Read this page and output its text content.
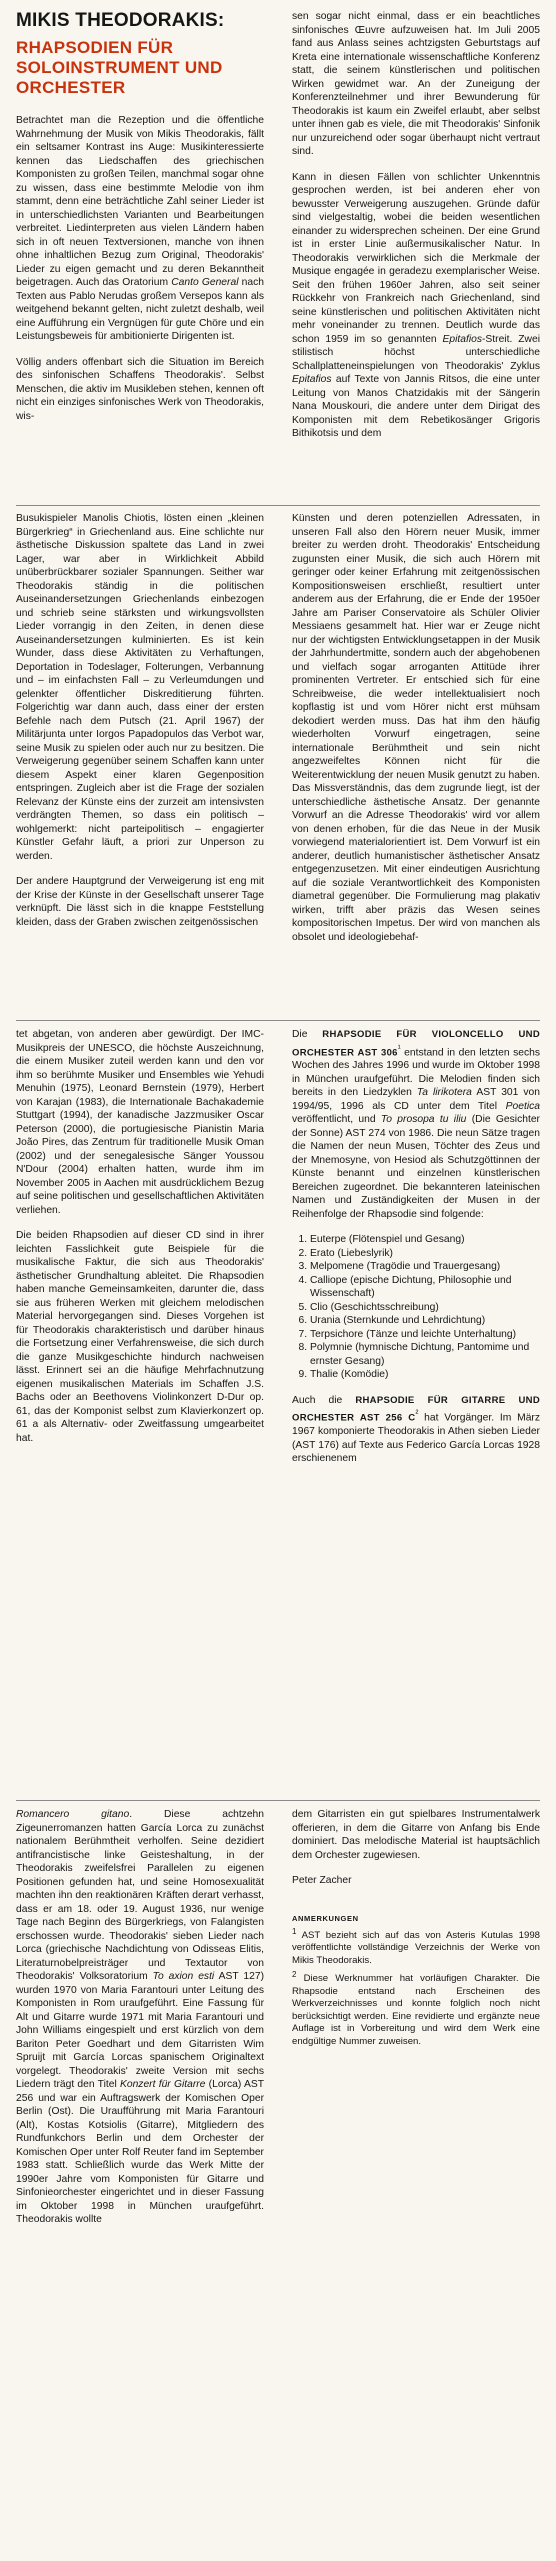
MIKIS THEODORAKIS:
RHAPSODIEN FÜR SOLOINSTRUMENT UND ORCHESTER

Betrachtet man die Rezeption und die öffentliche Wahrnehmung der Musik von Mikis Theodorakis, fällt ein seltsamer Kontrast ins Auge: Musikinteressierte kennen das Liedschaffen des griechischen Komponisten zu großen Teilen, manchmal sogar ohne zu wissen, dass eine bestimmte Melodie von ihm stammt, denn eine beträchtliche Zahl seiner Lieder ist in unterschiedlichsten Varianten und Bearbeitungen verbreitet. Liedinterpreten aus vielen Ländern haben sich in oft neuen Textversionen, manche von ihnen ohne inhaltlichen Bezug zum Original, Theodorakis' Lieder zu eigen gemacht und zu deren Bekanntheit beigetragen. Auch das Oratorium Canto General nach Texten aus Pablo Nerudas großem Versepos kann als weitgehend bekannt gelten, nicht zuletzt deshalb, weil eine Aufführung ein Vergnügen für gute Chöre und ein Leistungsbeweis für ambitionierte Dirigenten ist.

Völlig anders offenbart sich die Situation im Bereich des sinfonischen Schaffens Theodorakis'. Selbst Menschen, die aktiv im Musikleben stehen, kennen oft nicht ein einziges sinfonisches Werk von Theodorakis, wis-

sen sogar nicht einmal, dass er ein beachtliches sinfonisches Œuvre aufzuweisen hat. Im Juli 2005 fand aus Anlass seines achtzigsten Geburtstags auf Kreta eine internationale wissenschaftliche Konferenz statt, die seinem künstlerischen und politischen Wirken gewidmet war. An der Zuneigung der Konferenzteilnehmer und ihrer Bewunderung für Theodorakis ist kaum ein Zweifel erlaubt, aber selbst unter ihnen gab es viele, die mit Theodorakis' Sinfonik nur unzureichend oder sogar überhaupt nicht vertraut sind.

Kann in diesen Fällen von schlichter Unkenntnis gesprochen werden, ist bei anderen eher von bewusster Verweigerung auszugehen. Gründe dafür sind vielgestaltig, wobei die beiden wesentlichen einander zu widersprechen scheinen. Der eine Grund ist in erster Linie außermusikalischer Natur. In Theodorakis verwirklichen sich die Merkmale der Musique engagée in geradezu exemplarischer Weise. Seit den frühen 1960er Jahren, also seit seiner Rückkehr von Frankreich nach Griechenland, sind seine künstlerischen und politischen Aktivitäten nicht mehr voneinander zu trennen. Deutlich wurde das schon 1959 im so genannten Epitafios-Streit. Zwei stilistisch höchst unterschiedliche Schallplatteneinspielungen von Theodorakis' Zyklus Epitafios auf Texte von Jannis Ritsos, die eine unter Leitung von Manos Chatzidakis mit der Sängerin Nana Mouskouri, die andere unter dem Dirigat des Komponisten mit dem Rebetikosänger Grigoris Bithikotsis und dem

Busukispieler Manolis Chiotis, lösten einen „kleinen Bürgerkrieg“ in Griechenland aus. Eine schlichte nur ästhetische Diskussion spaltete das Land in zwei Lager, war aber in Wirklichkeit Abbild unüberbrückbarer sozialer Spannungen. Seither war Theodorakis ständig in die politischen Auseinandersetzungen Griechenlands einbezogen und schrieb seine stärksten und wirkungsvollsten Lieder vorrangig in den Zeiten, in denen diese Auseinandersetzungen kulminierten. Es ist kein Wunder, dass diese Aktivitäten zu Verhaftungen, Deportation in Todeslager, Folterungen, Verbannung und – im einfachsten Fall – zu Verleumdungen und gelenkter öffentlicher Diskreditierung führten. Folgerichtig war dann auch, dass einer der ersten Befehle nach dem Putsch (21. April 1967) der Militärjunta unter Iorgos Papadopulos das Verbot war, seine Musik zu spielen oder auch nur zu besitzen. Die Verweigerung gegenüber seinem Schaffen kann unter diesem Aspekt einer klaren Gegenposition entspringen. Zugleich aber ist die Frage der sozialen Relevanz der Künste eins der zurzeit am intensivsten verdrängten Themen, so dass ein politisch – wohlgemerkt: nicht parteipolitisch – engagierter Künstler Gefahr läuft, a priori zur Unperson zu werden.

Der andere Hauptgrund der Verweigerung ist eng mit der Krise der Künste in der Gesellschaft unserer Tage verknüpft. Die lässt sich in die knappe Feststellung kleiden, dass der Graben zwischen zeitgenössischen

Künsten und deren potenziellen Adressaten, in unseren Fall also den Hörern neuer Musik, immer breiter zu werden droht. Theodorakis' Entscheidung zugunsten einer Musik, die sich auch Hörern mit geringer oder keiner Erfahrung mit zeitgenössischen Kompositionsweisen erschließt, resultiert unter anderem aus der Erfahrung, die er Ende der 1950er Jahre am Pariser Conservatoire als Schüler Olivier Messiaens gesammelt hat. Hier war er Zeuge nicht nur der wichtigsten Entwicklungsetappen in der Musik der Jahrhundertmitte, sondern auch der abgehobenen und vielfach sogar arroganten Attitüde ihrer prominenten Vertreter. Er entschied sich für eine Schreibweise, die weder intellektualisiert noch kopflastig ist und vom Hörer nicht erst mühsam dekodiert werden muss. Das hat ihm den häufig wiederholten Vorwurf eingetragen, seine internationale Berühmtheit und sein nicht angezweifeltes Können nicht für die Weiterentwicklung der neuen Musik genutzt zu haben. Das Missverständnis, das dem zugrunde liegt, ist der unterschiedliche ästhetische Ansatz. Der genannte Vorwurf an die Adresse Theodorakis' wird vor allem von denen erhoben, für die das Neue in der Musik vorwiegend materialorientiert ist. Dem Vorwurf ist ein anderer, deutlich humanistischer ästhetischer Ansatz entgegenzusetzen. Mit einer eindeutigen Ausrichtung auf die soziale Verantwortlichkeit des Komponisten diametral gegenüber. Die Formulierung mag plakativ wirken, trifft aber präzis das Wesen seines kompositorischen Impetus. Der wird von manchen als obsolet und ideologiebehaf-

tet abgetan, von anderen aber gewürdigt. Der IMC-Musikpreis der UNESCO, die höchste Auszeichnung, die einem Musiker zuteil werden kann und den vor ihm so berühmte Musiker und Ensembles wie Yehudi Menuhin (1975), Leonard Bernstein (1979), Herbert von Karajan (1983), die Internationale Bachakademie Stuttgart (1994), der kanadische Jazzmusiker Oscar Peterson (2000), die portugiesische Pianistin Maria João Pires, das Zentrum für traditionelle Musik Oman (2002) und der senegalesische Sänger Youssou N'Dour (2004) erhalten hatten, wurde ihm im November 2005 in Aachen mit ausdrücklichem Bezug auf seine politischen und gesellschaftlichen Aktivitäten verliehen.

Die beiden Rhapsodien auf dieser CD sind in ihrer leichten Fasslichkeit gute Beispiele für die musikalische Faktur, die sich aus Theodorakis' ästhetischer Grundhaltung ableitet. Die Rhapsodien haben manche Gemeinsamkeiten, darunter die, dass sie aus früheren Werken mit gleichem melodischen Material hervorgegangen sind. Dieses Vorgehen ist für Theodorakis charakteristisch und darüber hinaus die Fortsetzung einer Verfahrensweise, die sich durch die ganze Musikgeschichte hindurch nachweisen lässt. Erinnert sei an die häufige Mehrfachnutzung eigenen musikalischen Materials im Schaffen J.S. Bachs oder an Beethovens Violinkonzert D-Dur op. 61, das der Komponist selbst zum Klavierkonzert op. 61 a als Alternativ- oder Zweitfassung umgearbeitet hat.

Die RHAPSODIE FÜR VIOLONCELLO UND ORCHESTER AST $306^{^1}$ entstand in den letzten sechs Wochen des Jahres 1996 und wurde im Oktober 1998 in München uraufgeführt. Die Melodien finden sich bereits in den Liedzyklen Ta lirikotera AST 301 von 1994/95, 1996 als CD unter dem Titel Poetica veröffentlicht, und To prosopa tu iliu (Die Gesichter der Sonne) AST 274 von 1986. Die neun Sätze tragen die Namen der neun Musen, Töchter des Zeus und der Mnemosyne, von Hesiod als Schutzgöttinnen der Künste benannt und einzelnen künstlerischen Bereichen zugeordnet. Die bekannteren lateinischen Namen und Zuständigkeiten der Musen in der Reihenfolge der Rhapsodie sind folgende:

1. Euterpe (Flötenspiel und Gesang)
2. Erato (Liebeslyrik)
3. Melpomene (Tragödie und Trauergesang)
4. Calliope (epische Dichtung, Philosophie und Wissenschaft)
5. Clio (Geschichtsschreibung)
6. Urania (Sternkunde und Lehrdichtung)
7. Terpsichore (Tänze und leichte Unterhaltung)
8. Polymnie (hymnische Dichtung, Pantomime und ernster Gesang)
9. Thalie (Komödie)

Auch die RHAPSODIE FÜR GITARRE UND ORCHESTER AST 256 $C^{^2}$ hat Vorgänger. Im März 1967 komponierte Theodorakis in Athen sieben Lieder (AST 176) auf Texte aus Federico García Lorcas 1928 erschienenem

Romancero gitano. Diese achtzehn Zigeunerromanzen hatten García Lorca zu zunächst nationalem Berühmtheit verholfen. Seine dezidiert antifrancistische linke Geisteshaltung, in der Theodorakis zweifelsfrei Parallelen zu eigenen Positionen gefunden hat, und seine Homosexualität machten ihn den reaktionären Kräften derart verhasst, dass er am 18. oder 19. August 1936, nur wenige Tage nach Beginn des Bürgerkriegs, von Falangisten erschossen wurde. Theodorakis' sieben Lieder nach Lorca (griechische Nachdichtung von Odisseas Elitis, Literaturnobelpreisträger und Textautor von Theodorakis' Volksoratorium To axion esti AST 127) wurden 1970 von Maria Farantouri unter Leitung des Komponisten in Rom uraufgeführt. Eine Fassung für Alt und Gitarre wurde 1971 mit Maria Farantouri und John Williams eingespielt und erst kürzlich von dem Bariton Peter Goedhart und dem Gitarristen Wim Spruijt mit García Lorcas spanischem Originaltext vorgelegt. Theodorakis' zweite Version mit sechs Liedern trägt den Titel Konzert für Gitarre (Lorca) AST 256 und war ein Auftragswerk der Komischen Oper Berlin (Ost). Die Uraufführung mit Maria Farantouri (Alt), Kostas Kotsiolis (Gitarre), Mitgliedern des Rundfunkchors Berlin und dem Orchester der Komischen Oper unter Rolf Reuter fand im September 1983 statt. Schließlich wurde das Werk Mitte der 1990er Jahre vom Komponisten für Gitarre und Sinfonieorchester eingerichtet und in dieser Fassung im Oktober 1998 in München uraufgeführt. Theodorakis wollte

dem Gitarristen ein gut spielbares Instrumentalwerk offerieren, in dem die Gitarre von Anfang bis Ende dominiert. Das melodische Material ist hauptsächlich dem Orchester zugewiesen.

Peter Zacher

ANMERKUNGEN

$^1$ AST bezieht sich auf das von Asteris Kutulas 1998 veröffentlichte vollständige Verzeichnis der Werke von Mikis Theodorakis.

$^2$ Diese Werknummer hat vorläufigen Charakter. Die Rhapsodie entstand nach Erscheinen des Werkverzeichnisses und konnte folglich noch nicht berücksichtigt werden. Eine revidierte und ergänzte neue Auflage ist in Vorbereitung und wird dem Werk eine endgültige Nummer zuweisen.
